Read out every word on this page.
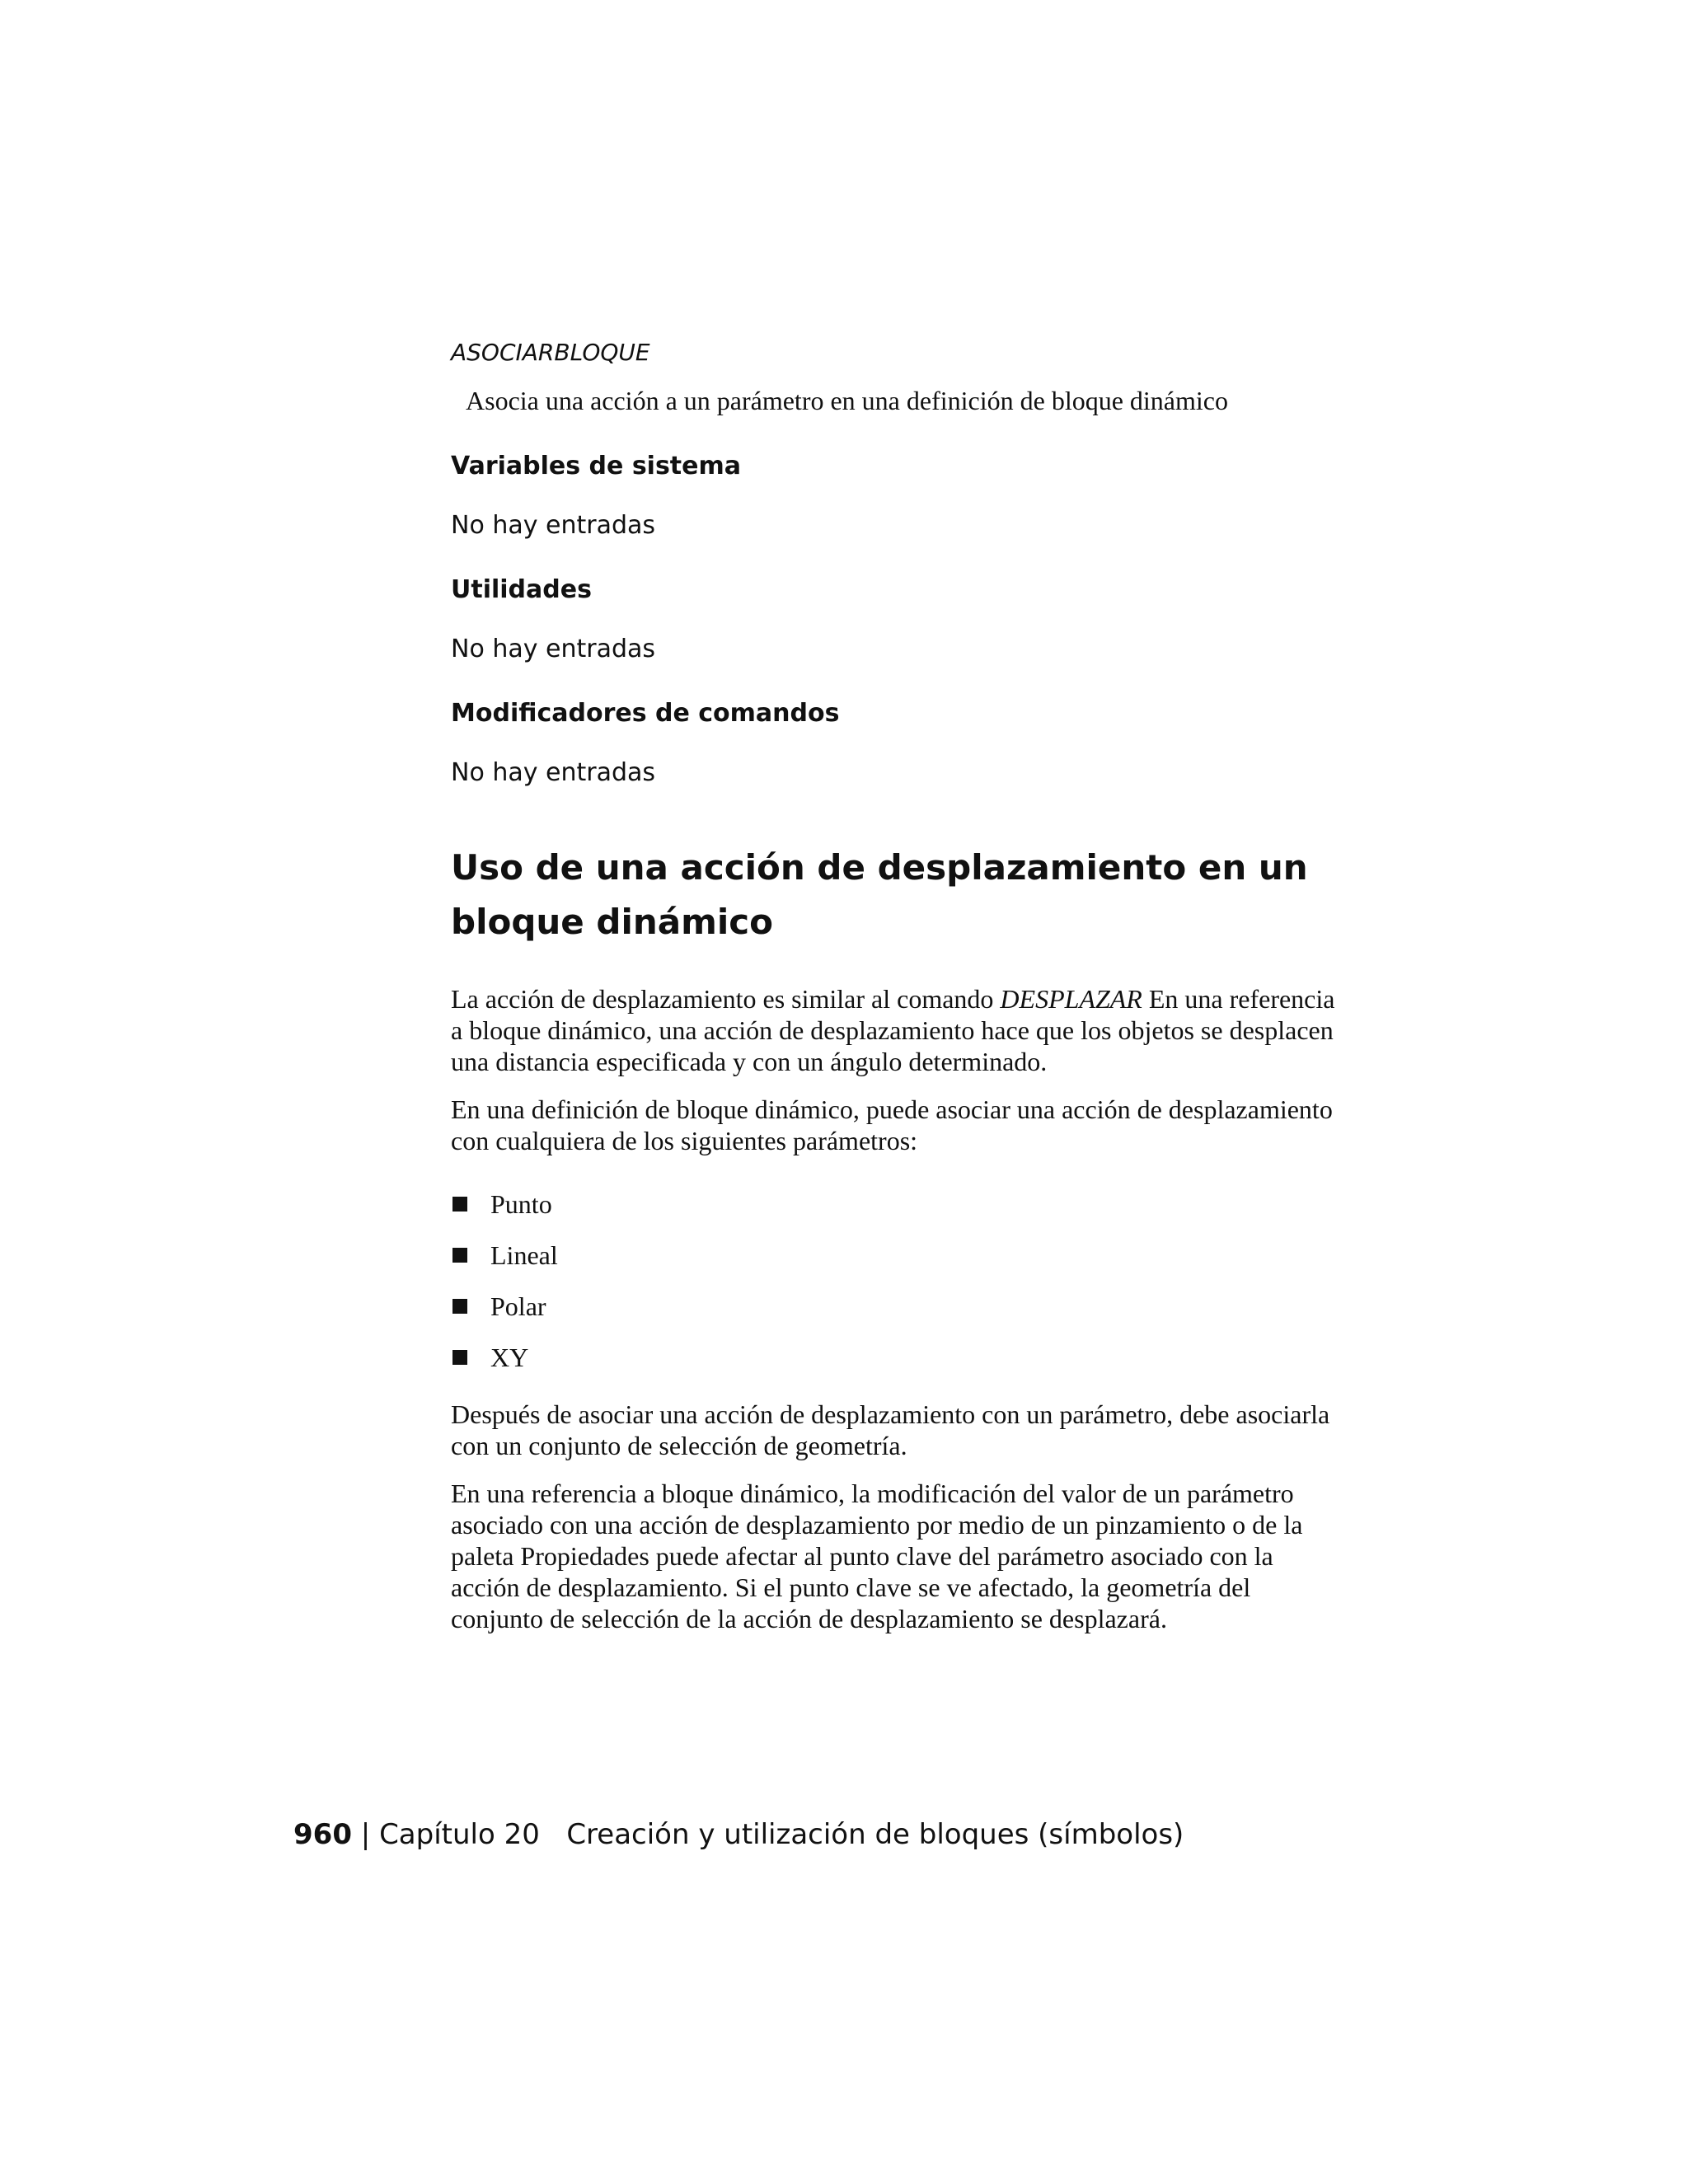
ASOCIARBLOQUE

Asocia una acción a un parámetro en una definición de bloque dinámico

Variables de sistema

No hay entradas

Utilidades

No hay entradas

Modificadores de comandos

No hay entradas

Uso de una acción de desplazamiento en un bloque dinámico

La acción de desplazamiento es similar al comando DESPLAZAR En una referencia a bloque dinámico, una acción de desplazamiento hace que los objetos se desplacen una distancia especificada y con un ángulo determinado.

En una definición de bloque dinámico, puede asociar una acción de desplazamiento con cualquiera de los siguientes parámetros:

Punto
Lineal
Polar
XY

Después de asociar una acción de desplazamiento con un parámetro, debe asociarla con un conjunto de selección de geometría.

En una referencia a bloque dinámico, la modificación del valor de un parámetro asociado con una acción de desplazamiento por medio de un pinzamiento o de la paleta Propiedades puede afectar al punto clave del parámetro asociado con la acción de desplazamiento. Si el punto clave se ve afectado, la geometría del conjunto de selección de la acción de desplazamiento se desplazará.

960 | Capítulo 20 Creación y utilización de bloques (símbolos)
